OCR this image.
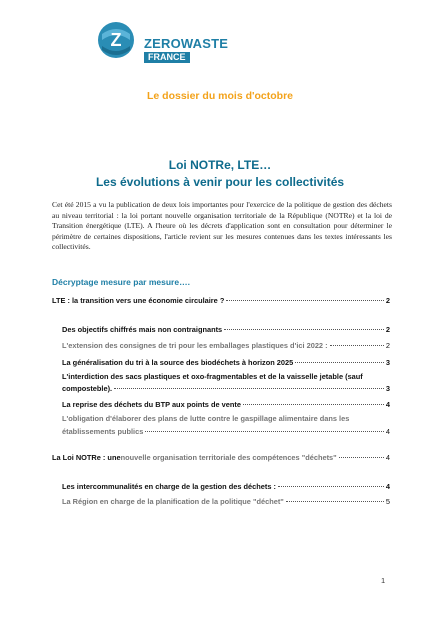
Z ZEROWASTE
FRANCE
Le dossier du mois d'octobre
Loi NOTRe, LTE…
Les évolutions à venir pour les collectivités
Cet été 2015 a vu la publication de deux lois importantes pour l'exercice de la politique de gestion des déchets au niveau territorial : la loi portant nouvelle organisation territoriale de la République (NOTRe) et la loi de Transition énergétique (LTE). A l'heure où les décrets d'application sont en consultation pour déterminer le périmètre de certaines dispositions, l'article revient sur les mesures contenues dans les textes intéressants les collectivités.
Décryptage mesure par mesure….
LTE : la transition vers une économie circulaire ?	2
Des objectifs chiffrés mais non contraignants	2
L'extension des consignes de tri pour les emballages plastiques d'ici 2022 :	2
La généralisation du tri à la source des biodéchets à horizon 2025	3
L'interdiction des sacs plastiques et oxo-fragmentables et de la vaisselle jetable (sauf
composteble).	3
La reprise des déchets du BTP aux points de vente	4
L'obligation d'élaborer des plans de lutte contre le gaspillage alimentaire dans les
établissements publics	4
La Loi NOTRe : une nouvelle organisation territoriale des compétences "déchets"	4
Les intercommunalités en charge de la gestion des déchets :	4
La Région en charge de la planification de la politique "déchet"	5
1
